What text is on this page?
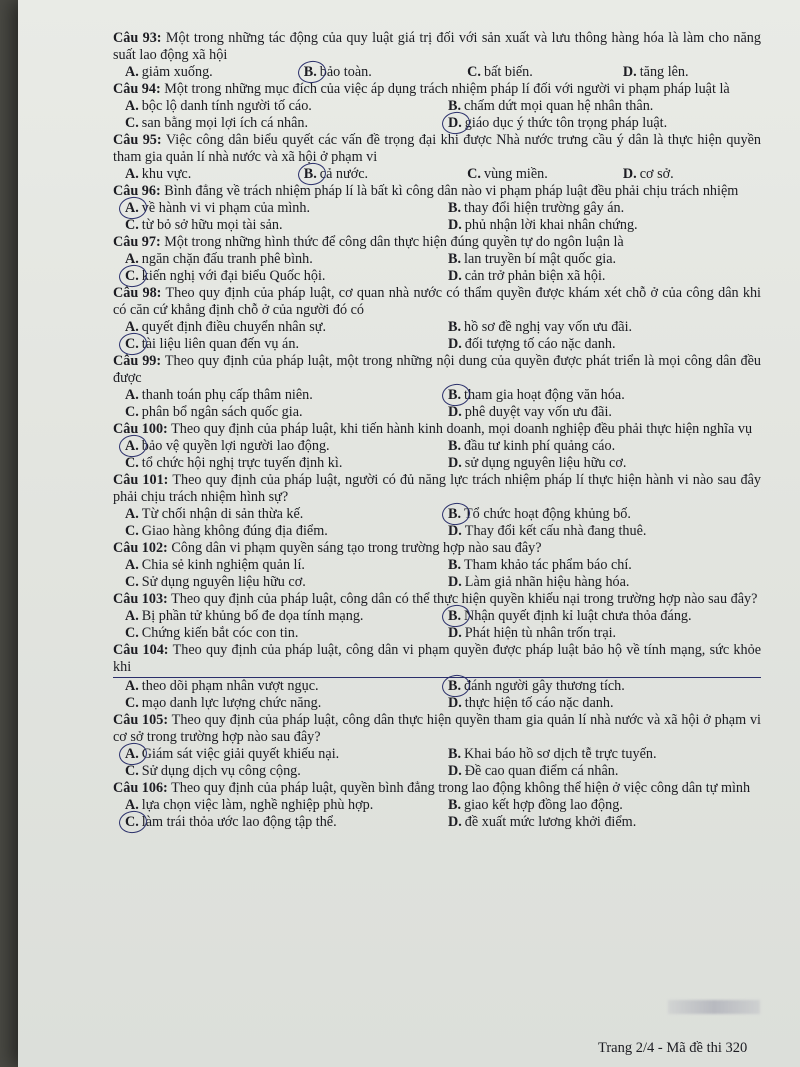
Câu 93: Một trong những tác động của quy luật giá trị đối với sản xuất và lưu thông hàng hóa là làm cho năng suất lao động xã hội
A. giảm xuống.	B. bảo toàn.	C. bất biến.	D. tăng lên.
Câu 94: Một trong những mục đích của việc áp dụng trách nhiệm pháp lí đối với người vi phạm pháp luật là
A. bộc lộ danh tính người tố cáo.	B. chấm dứt mọi quan hệ nhân thân.
C. san bằng mọi lợi ích cá nhân.	D. giáo dục ý thức tôn trọng pháp luật.
Câu 95: Việc công dân biểu quyết các vấn đề trọng đại khi được Nhà nước trưng cầu ý dân là thực hiện quyền tham gia quản lí nhà nước và xã hội ở phạm vi
A. khu vực.	B. cả nước.	C. vùng miền.	D. cơ sở.
Câu 96: Bình đẳng về trách nhiệm pháp lí là bất kì công dân nào vi phạm pháp luật đều phải chịu trách nhiệm
A. về hành vi vi phạm của mình.	B. thay đổi hiện trường gây án.
C. từ bỏ sở hữu mọi tài sản.	D. phủ nhận lời khai nhân chứng.
Câu 97: Một trong những hình thức để công dân thực hiện đúng quyền tự do ngôn luận là
A. ngăn chặn đấu tranh phê bình.	B. lan truyền bí mật quốc gia.
C. kiến nghị với đại biểu Quốc hội.	D. cản trở phản biện xã hội.
Câu 98: Theo quy định của pháp luật, cơ quan nhà nước có thẩm quyền được khám xét chỗ ở của công dân khi có căn cứ khẳng định chỗ ở của người đó có
A. quyết định điều chuyển nhân sự.	B. hồ sơ đề nghị vay vốn ưu đãi.
C. tài liệu liên quan đến vụ án.	D. đối tượng tố cáo nặc danh.
Câu 99: Theo quy định của pháp luật, một trong những nội dung của quyền được phát triển là mọi công dân đều được
A. thanh toán phụ cấp thâm niên.	B. tham gia hoạt động văn hóa.
C. phân bổ ngân sách quốc gia.	D. phê duyệt vay vốn ưu đãi.
Câu 100: Theo quy định của pháp luật, khi tiến hành kinh doanh, mọi doanh nghiệp đều phải thực hiện nghĩa vụ
A. bảo vệ quyền lợi người lao động.	B. đầu tư kinh phí quảng cáo.
C. tổ chức hội nghị trực tuyến định kì.	D. sử dụng nguyên liệu hữu cơ.
Câu 101: Theo quy định của pháp luật, người có đủ năng lực trách nhiệm pháp lí thực hiện hành vi nào sau đây phải chịu trách nhiệm hình sự?
A. Từ chối nhận di sản thừa kế.	B. Tổ chức hoạt động khủng bố.
C. Giao hàng không đúng địa điểm.	D. Thay đổi kết cấu nhà đang thuê.
Câu 102: Công dân vi phạm quyền sáng tạo trong trường hợp nào sau đây?
A. Chia sẻ kinh nghiệm quản lí.	B. Tham khảo tác phẩm báo chí.
C. Sử dụng nguyên liệu hữu cơ.	D. Làm giả nhãn hiệu hàng hóa.
Câu 103: Theo quy định của pháp luật, công dân có thể thực hiện quyền khiếu nại trong trường hợp nào sau đây?
A. Bị phần tử khủng bố đe dọa tính mạng.	B. Nhận quyết định kỉ luật chưa thỏa đáng.
C. Chứng kiến bắt cóc con tin.	D. Phát hiện tù nhân trốn trại.
Câu 104: Theo quy định của pháp luật, công dân vi phạm quyền được pháp luật bảo hộ về tính mạng, sức khỏe khi
A. theo dõi phạm nhân vượt ngục.	B. đánh người gây thương tích.
C. mạo danh lực lượng chức năng.	D. thực hiện tố cáo nặc danh.
Câu 105: Theo quy định của pháp luật, công dân thực hiện quyền tham gia quản lí nhà nước và xã hội ở phạm vi cơ sở trong trường hợp nào sau đây?
A. Giám sát việc giải quyết khiếu nại.	B. Khai báo hồ sơ dịch tễ trực tuyến.
C. Sử dụng dịch vụ công cộng.	D. Đề cao quan điểm cá nhân.
Câu 106: Theo quy định của pháp luật, quyền bình đẳng trong lao động không thể hiện ở việc công dân tự mình
A. lựa chọn việc làm, nghề nghiệp phù hợp.	B. giao kết hợp đồng lao động.
C. làm trái thỏa ước lao động tập thể.	D. đề xuất mức lương khởi điểm.
Trang 2/4 - Mã đề thi 320
